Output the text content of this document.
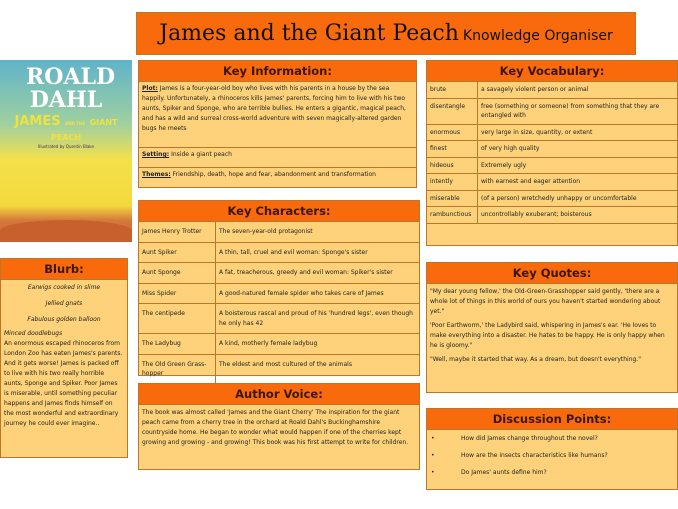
James and the Giant Peach Knowledge Organiser
ROALD DAHL
JAMES AND THE GIANT PEACH
Illustrated by Quentin Blake
Key Information:
Plot: James is a four-year-old boy who lives with his parents in a house by the sea happily. Unfortunately, a rhinoceros kills James' parents, forcing him to live with his two aunts, Spiker and Sponge, who are terrible bullies. He enters a gigantic, magical peach, and has a wild and surreal cross-world adventure with seven magically-altered garden bugs he meets
Setting: Inside a giant peach
Themes: Friendship, death, hope and fear, abandonment and transformation
Key Vocabulary:
brute	a savagely violent person or animal
disentangle	free (something or someone) from something that they are entangled with
enormous	very large in size, quantity, or extent
finest	of very high quality
hideous	Extremely ugly
intently	with earnest and eager attention
miserable	(of a person) wretchedly unhappy or uncomfortable
rambunctious	uncontrollably exuberant; boisterous
Key Characters:
James Henry Trotter	The seven-year-old protagonist
Aunt Spiker	A thin, tall, cruel and evil woman: Sponge's sister
Aunt Sponge	A fat, treacherous, greedy and evil woman: Spiker's sister
Miss Spider	A good-natured female spider who takes care of James
The centipede	A boisterous rascal and proud of his 'hundred legs', even though he only has 42
The Ladybug	A kind, motherly female ladybug
The Old Green Grass-hopper	The eldest and most cultured of the animals
Blurb:
Earwigs cooked in slime
Jellied gnats
Fabulous golden balloon
Minced doodlebugs
An enormous escaped rhinoceros from London Zoo has eaten James's parents. And it gets worse! James is packed off to live with his two really horrible aunts, Sponge and Spiker. Poor James is miserable, until something peculiar happens and James finds himself on the most wonderful and extraordinary journey he could ever imagine..
Author Voice:
The book was almost called 'James and the Giant Cherry' The inspiration for the giant peach came from a cherry tree in the orchard at Roald Dahl's Buckinghamshire countryside home. He began to wonder what would happen if one of the cherries kept growing and growing - and growing! This book was his first attempt to write for children.
Key Quotes:
"My dear young fellow,' the Old-Green-Grasshopper said gently, 'there are a whole lot of things in this world of ours you haven't started wondering about yet."
'Poor Earthworm,' the Ladybird said, whispering in James's ear. 'He loves to make everything into a disaster. He hates to be happy. He is only happy when he is gloomy."
"Well, maybe it started that way. As a dream, but doesn't everything."
Discussion Points:
•	How did James change throughout the novel?
•	How are the insects characteristics like humans?
•	Do James' aunts define him?
